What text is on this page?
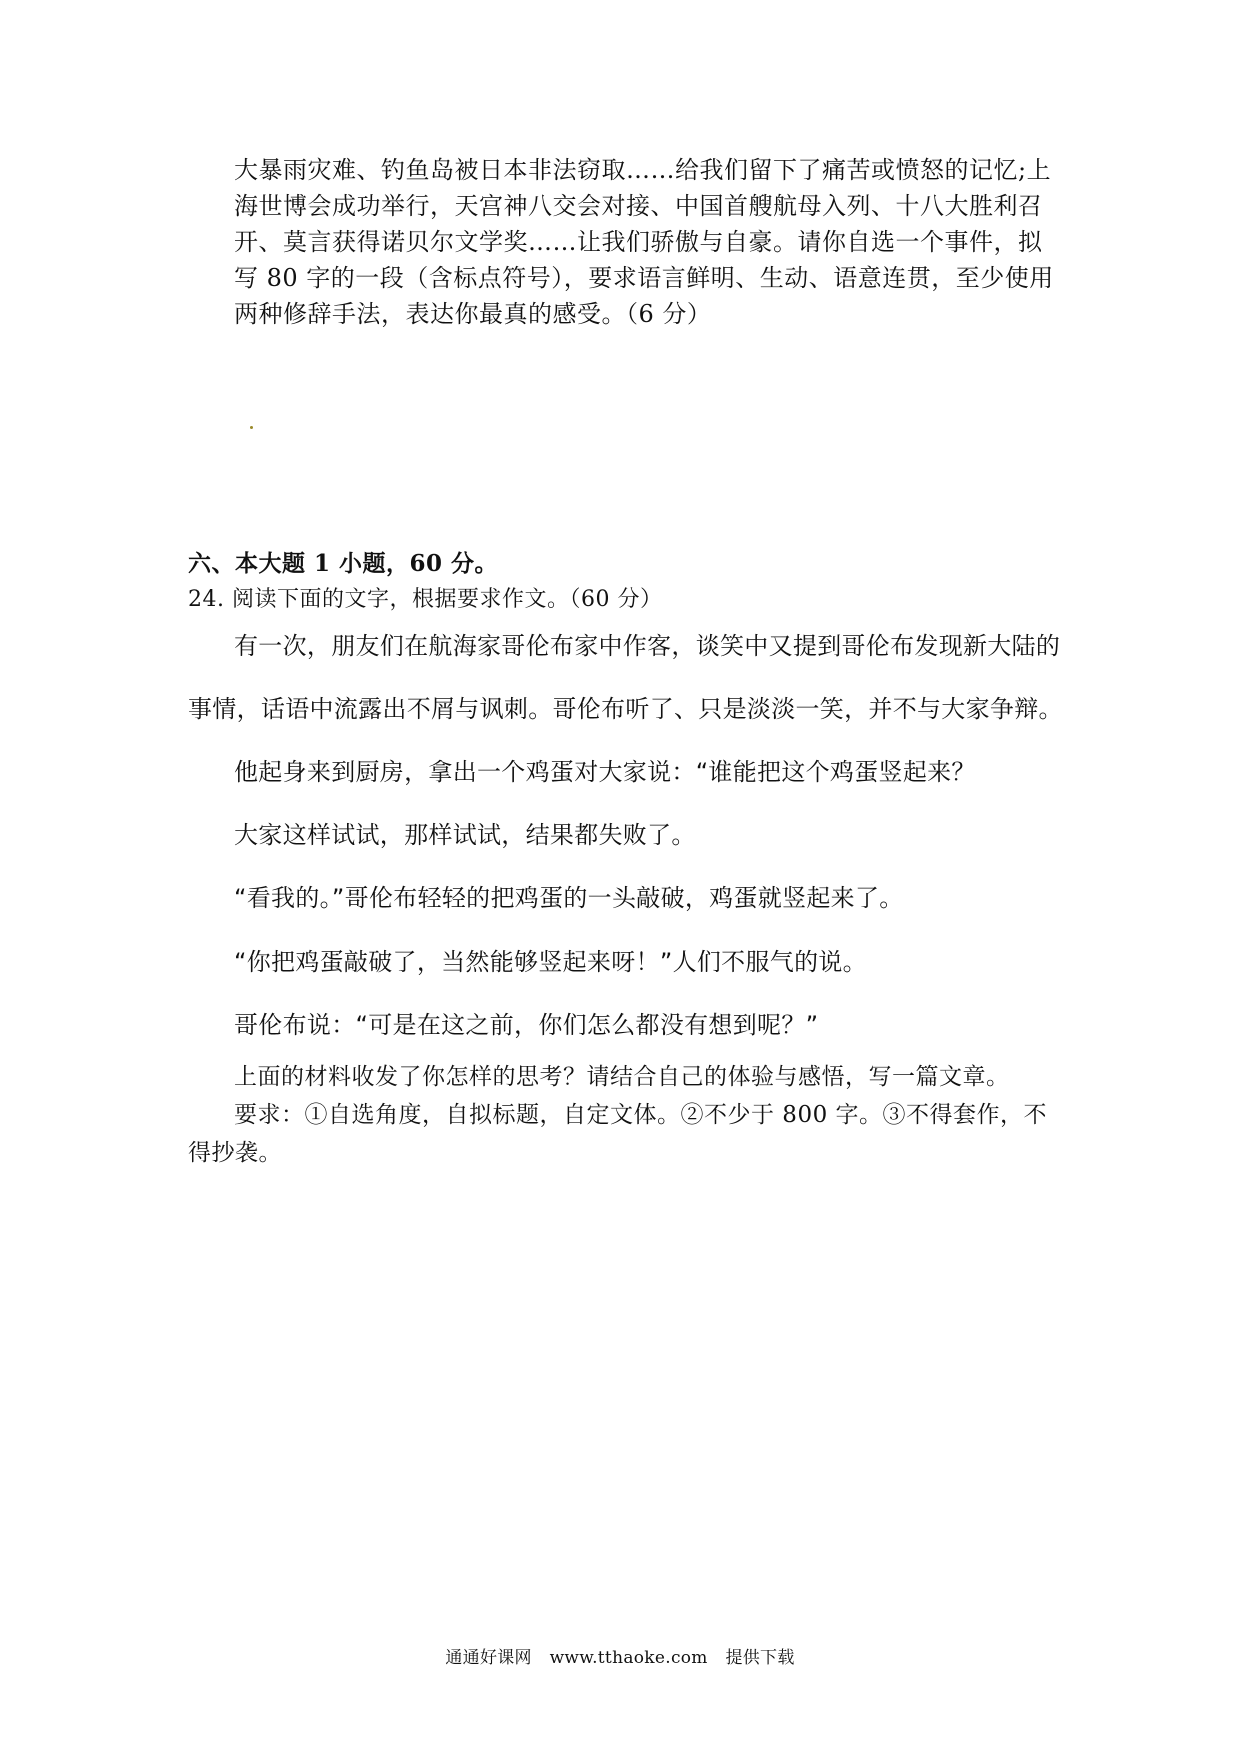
大暴雨灾难、钓鱼岛被日本非法窃取……给我们留下了痛苦或愤怒的记忆;上海世博会成功举行，天宫神八交会对接、中国首艘航母入列、十八大胜利召开、莫言获得诺贝尔文学奖……让我们骄傲与自豪。请你自选一个事件，拟写 80 字的一段（含标点符号），要求语言鲜明、生动、语意连贯，至少使用两种修辞手法，表达你最真的感受。（6 分）

六、本大题 1 小题，60 分。

24. 阅读下面的文字，根据要求作文。（60 分）

有一次，朋友们在航海家哥伦布家中作客，谈笑中又提到哥伦布发现新大陆的

事情，话语中流露出不屑与讽刺。哥伦布听了、只是淡淡一笑，并不与大家争辩。

他起身来到厨房，拿出一个鸡蛋对大家说：“谁能把这个鸡蛋竖起来？

大家这样试试，那样试试，结果都失败了。

“看我的。”哥伦布轻轻的把鸡蛋的一头敲破，鸡蛋就竖起来了。

“你把鸡蛋敲破了，当然能够竖起来呀！”人们不服气的说。

哥伦布说：“可是在这之前，你们怎么都没有想到呢？”

上面的材料收发了你怎样的思考？请结合自己的体验与感悟，写一篇文章。

要求：①自选角度，自拟标题，自定文体。②不少于 800 字。③不得套作，不得抄袭。

通通好课网 www.tthaoke.com 提供下载
